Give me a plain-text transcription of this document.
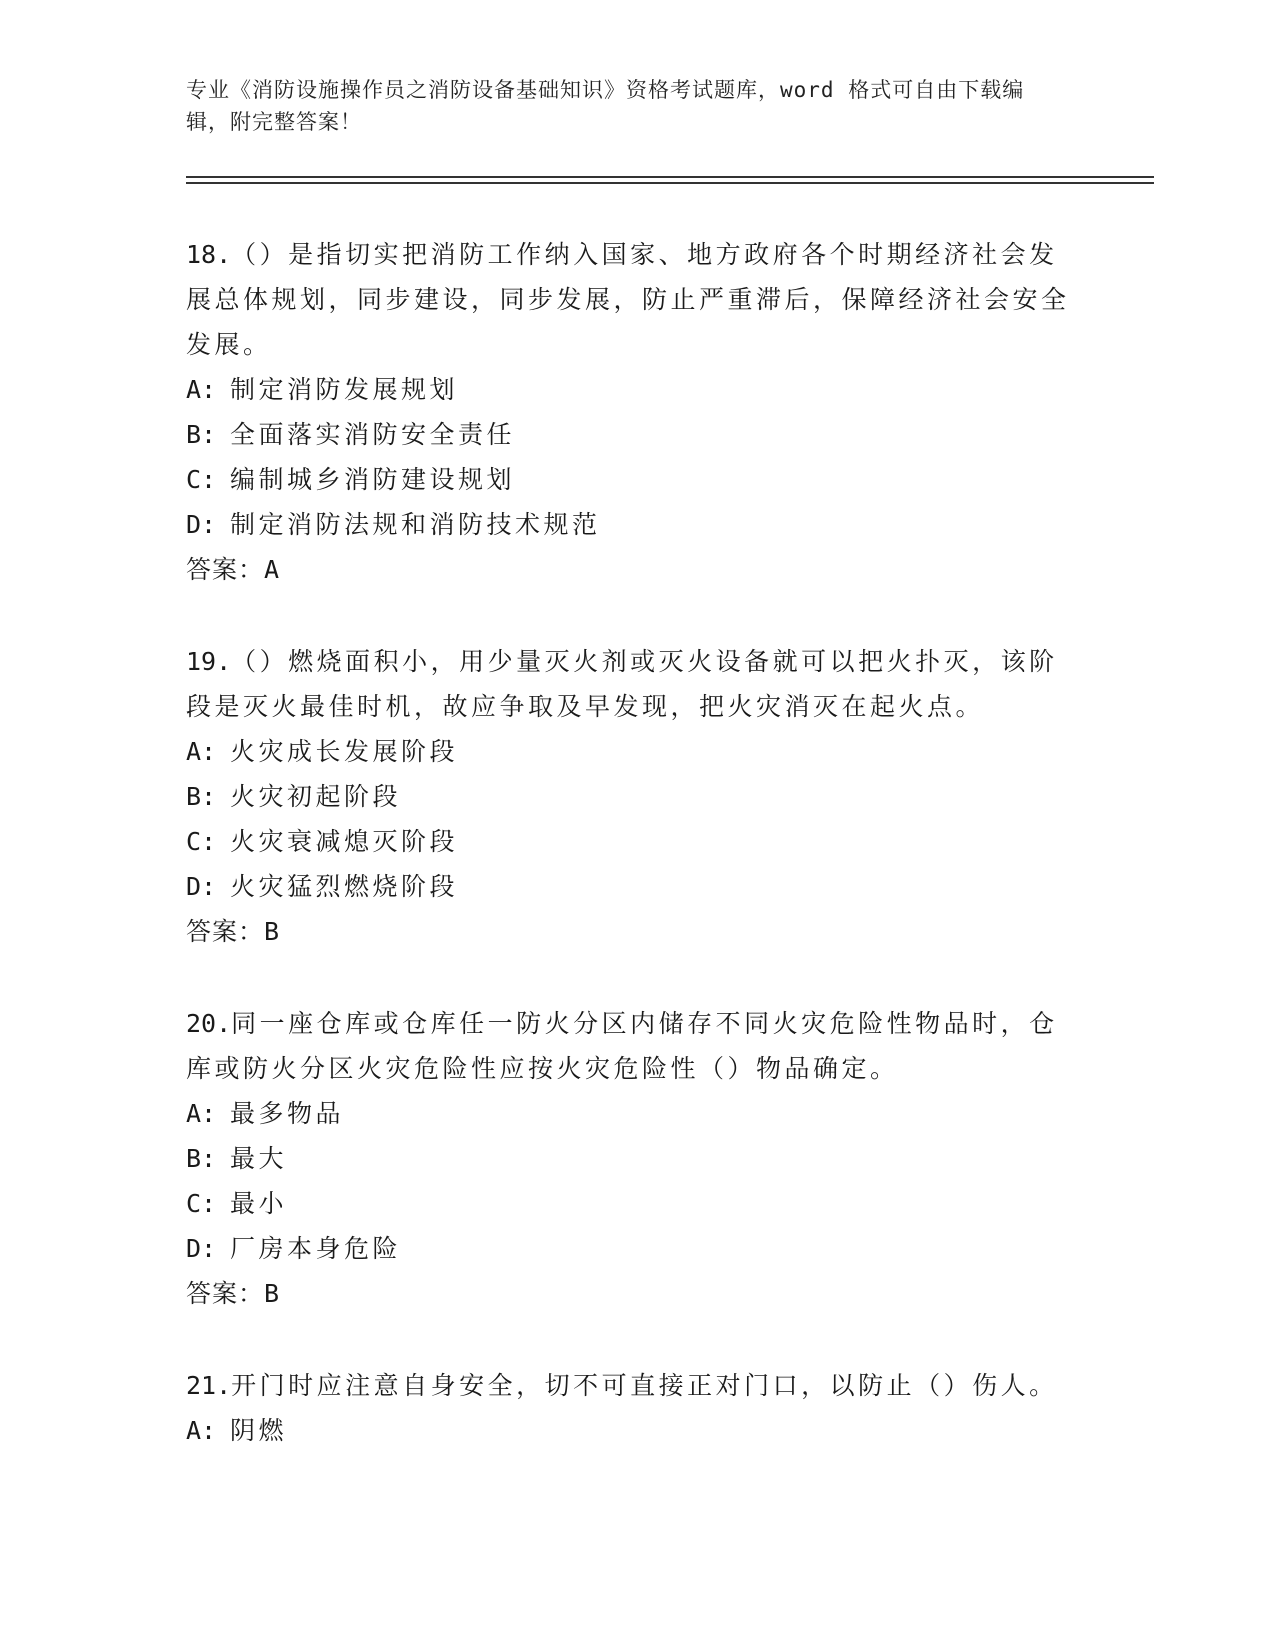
专业《消防设施操作员之消防设备基础知识》资格考试题库，word 格式可自由下载编辑，附完整答案！

18.（）是指切实把消防工作纳入国家、地方政府各个时期经济社会发展总体规划，同步建设，同步发展，防止严重滞后，保障经济社会安全发展。

A: 制定消防发展规划

B: 全面落实消防安全责任

C: 编制城乡消防建设规划

D: 制定消防法规和消防技术规范

答案：A

19.（）燃烧面积小，用少量灭火剂或灭火设备就可以把火扑灭，该阶段是灭火最佳时机，故应争取及早发现，把火灾消灭在起火点。

A: 火灾成长发展阶段

B: 火灾初起阶段

C: 火灾衰减熄灭阶段

D: 火灾猛烈燃烧阶段

答案：B

20.同一座仓库或仓库任一防火分区内储存不同火灾危险性物品时，仓库或防火分区火灾危险性应按火灾危险性（）物品确定。

A: 最多物品

B: 最大

C: 最小

D: 厂房本身危险

答案：B

21.开门时应注意自身安全，切不可直接正对门口，以防止（）伤人。

A: 阴燃
